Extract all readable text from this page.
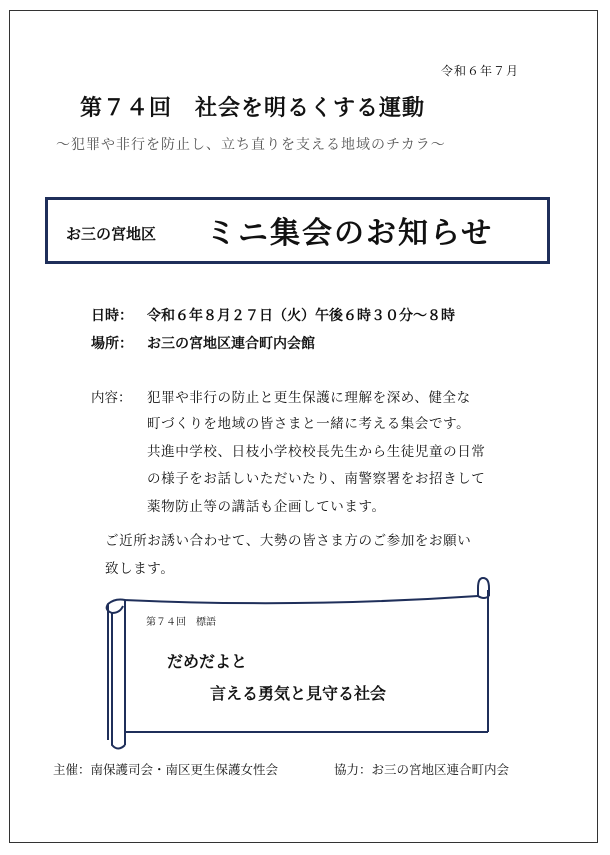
令和６年７月
第７４回　社会を明るくする運動
～犯罪や非行を防止し、立ち直りを支える地域のチカラ～
お三の宮地区 ミニ集会のお知らせ
日時： 令和６年８月２７日（火）午後６時３０分～８時
場所： お三の宮地区連合町内会館
内容： 犯罪や非行の防止と更生保護に理解を深め、健全な
町づくりを地域の皆さまと一緒に考える集会です。
共進中学校、日枝小学校校長先生から生徒児童の日常
の様子をお話しいただいたり、南警察署をお招きして
薬物防止等の講話も企画しています。
ご近所お誘い合わせて、大勢の皆さま方のご参加をお願い
致します。
第７４回　標語
だめだよと
言える勇気と見守る社会
主催：南保護司会・南区更生保護女性会	協力：お三の宮地区連合町内会
